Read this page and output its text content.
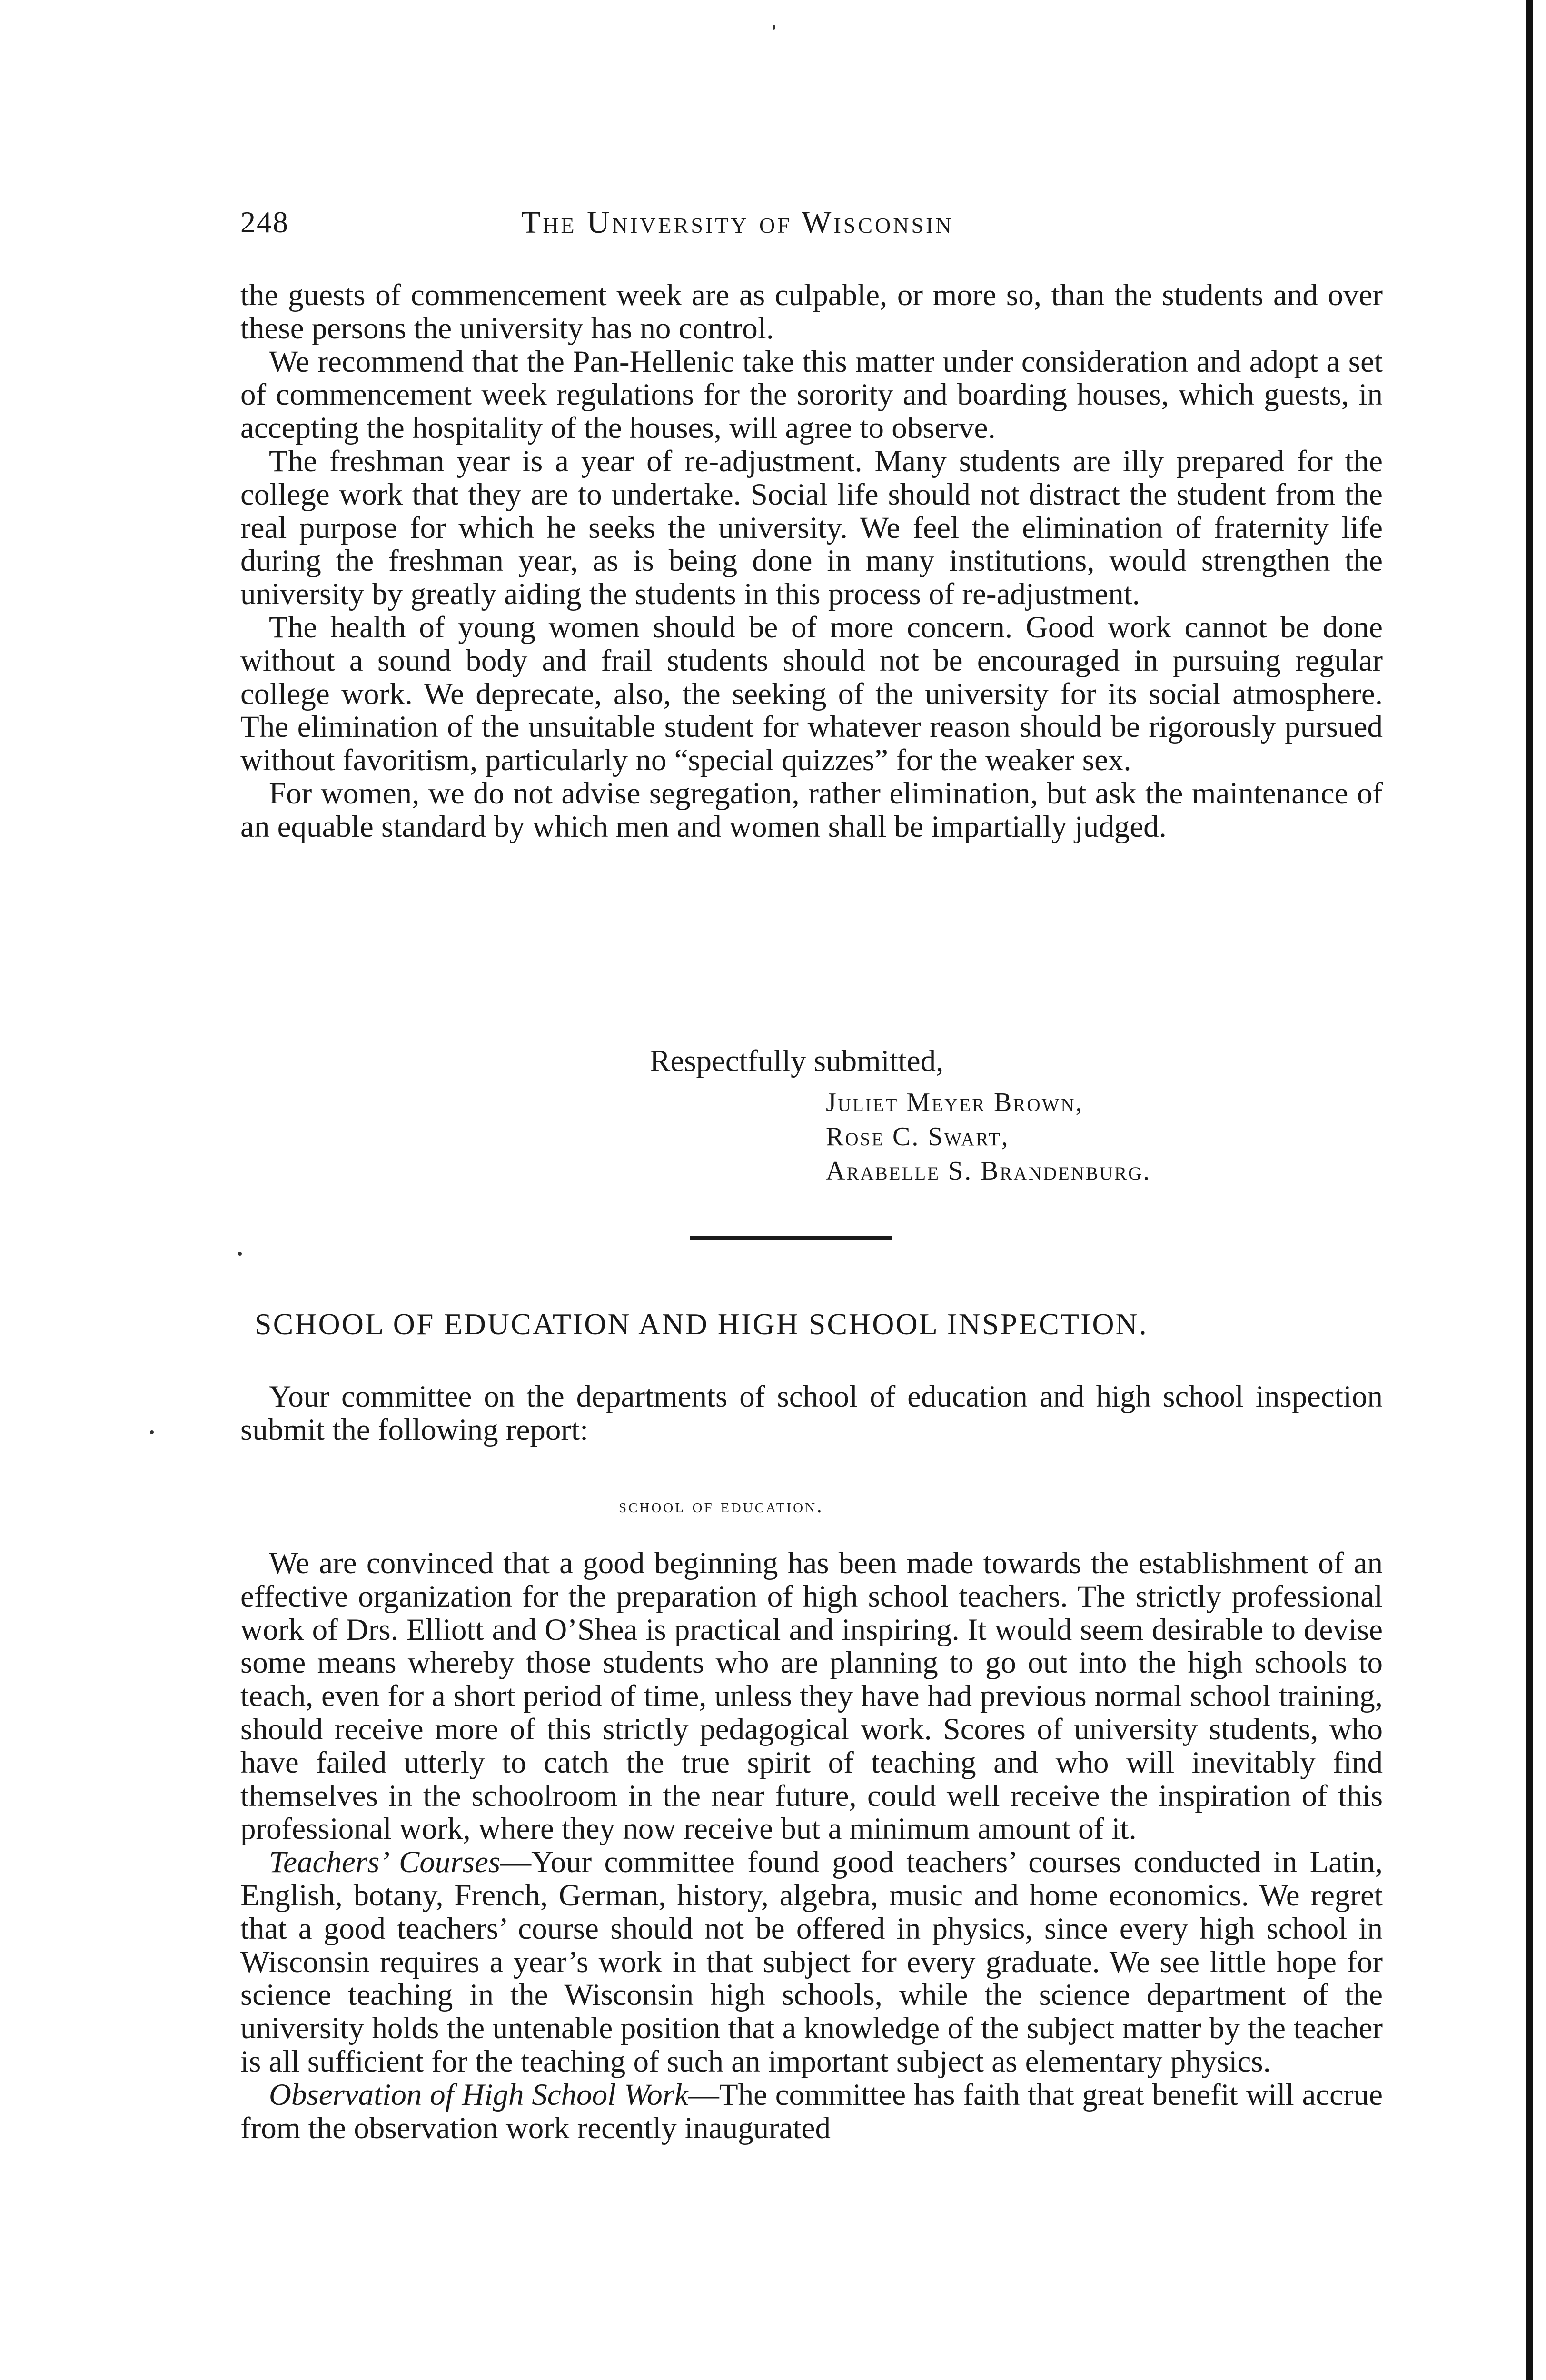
248	The University of Wisconsin

the guests of commencement week are as culpable, or more so, than the students and over these persons the university has no control.

We recommend that the Pan-Hellenic take this matter under consideration and adopt a set of commencement week regulations for the sorority and boarding houses, which guests, in accepting the hospitality of the houses, will agree to observe.

The freshman year is a year of re-adjustment. Many students are illy prepared for the college work that they are to undertake. Social life should not distract the student from the real purpose for which he seeks the university. We feel the elimination of fraternity life during the freshman year, as is being done in many institutions, would strengthen the university by greatly aiding the students in this process of re-adjustment.

The health of young women should be of more concern. Good work cannot be done without a sound body and frail students should not be encouraged in pursuing regular college work. We deprecate, also, the seeking of the university for its social atmosphere. The elimination of the unsuitable student for whatever reason should be rigorously pursued without favoritism, particularly no “special quizzes” for the weaker sex.

For women, we do not advise segregation, rather elimination, but ask the maintenance of an equable standard by which men and women shall be impartially judged.

Respectfully submitted,
Juliet Meyer Brown,
Rose C. Swart,
Arabelle S. Brandenburg.
SCHOOL OF EDUCATION AND HIGH SCHOOL INSPECTION.

Your committee on the departments of school of education and high school inspection submit the following report:

school of education.

We are convinced that a good beginning has been made towards the establishment of an effective organization for the preparation of high school teachers. The strictly professional work of Drs. Elliott and O’Shea is practical and inspiring. It would seem desirable to devise some means whereby those students who are planning to go out into the high schools to teach, even for a short period of time, unless they have had previous normal school training, should receive more of this strictly pedagogical work. Scores of university students, who have failed utterly to catch the true spirit of teaching and who will inevitably find themselves in the schoolroom in the near future, could well receive the inspiration of this professional work, where they now receive but a minimum amount of it.

Teachers’ Courses—Your committee found good teachers’ courses conducted in Latin, English, botany, French, German, history, algebra, music and home economics. We regret that a good teachers’ course should not be offered in physics, since every high school in Wisconsin requires a year’s work in that subject for every graduate. We see little hope for science teaching in the Wisconsin high schools, while the science department of the university holds the untenable position that a knowledge of the subject matter by the teacher is all sufficient for the teaching of such an important subject as elementary physics.

Observation of High School Work—The committee has faith that great benefit will accrue from the observation work recently inaugurated
